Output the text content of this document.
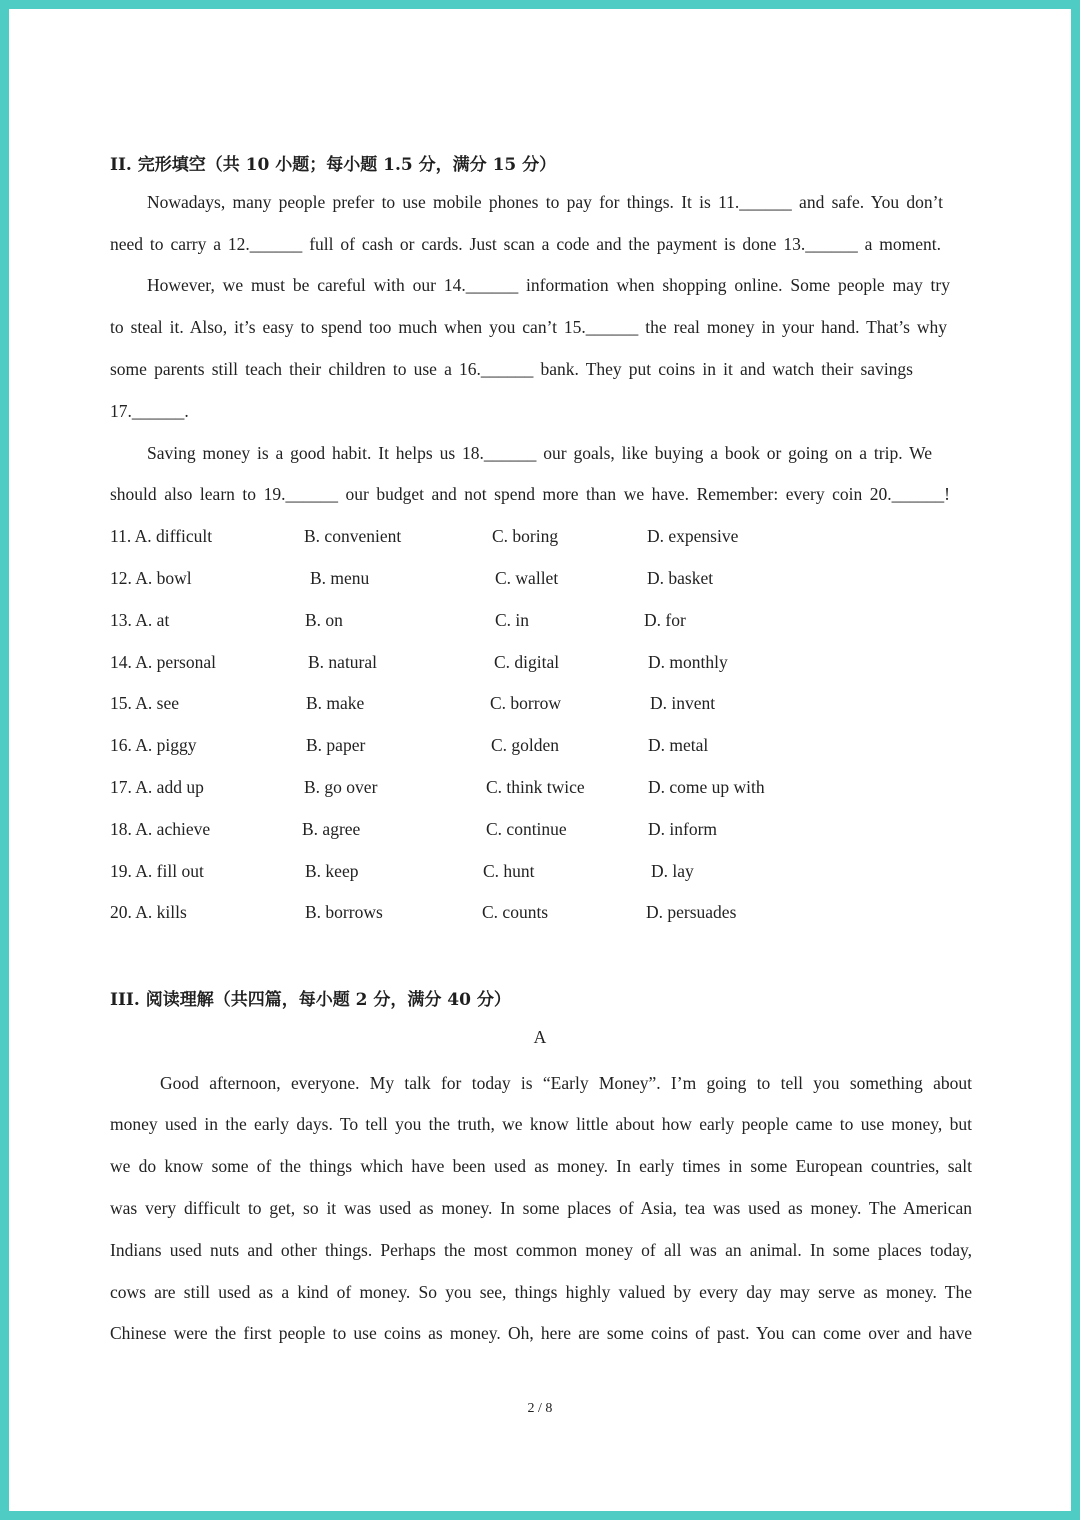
II. 完形填空（共 10 小题；每小题 1.5 分，满分 15 分）
Nowadays, many people prefer to use mobile phones to pay for things. It is 11.______ and safe. You don’t
need to carry a 12.______ full of cash or cards. Just scan a code and the payment is done 13.______ a moment.
However, we must be careful with our 14.______ information when shopping online. Some people may try
to steal it. Also, it’s easy to spend too much when you can’t 15.______ the real money in your hand. That’s why
some parents still teach their children to use a 16.______ bank. They put coins in it and watch their savings
17.______.
Saving money is a good habit. It helps us 18.______ our goals, like buying a book or going on a trip. We
should also learn to 19.______ our budget and not spend more than we have. Remember: every coin 20.______!
11. A. difficult	B. convenient	C. boring	D. expensive
12. A. bowl	B. menu	C. wallet	D. basket
13. A. at	B. on	C. in	D. for
14. A. personal	B. natural	C. digital	D. monthly
15. A. see	B. make	C. borrow	D. invent
16. A. piggy	B. paper	C. golden	D. metal
17. A. add up	B. go over	C. think twice	D. come up with
18. A. achieve	B. agree	C. continue	D. inform
19. A. fill out	B. keep	C. hunt	D. lay
20. A. kills	B. borrows	C. counts	D. persuades
III. 阅读理解（共四篇，每小题 2 分，满分 40 分）
A
Good afternoon, everyone. My talk for today is “Early Money”. I’m going to tell you something about
money used in the early days. To tell you the truth, we know little about how early people came to use money, but
we do know some of the things which have been used as money. In early times in some European countries, salt
was very difficult to get, so it was used as money. In some places of Asia, tea was used as money. The American
Indians used nuts and other things. Perhaps the most common money of all was an animal. In some places today,
cows are still used as a kind of money. So you see, things highly valued by every day may serve as money. The
Chinese were the first people to use coins as money. Oh, here are some coins of past. You can come over and have
2 / 8
